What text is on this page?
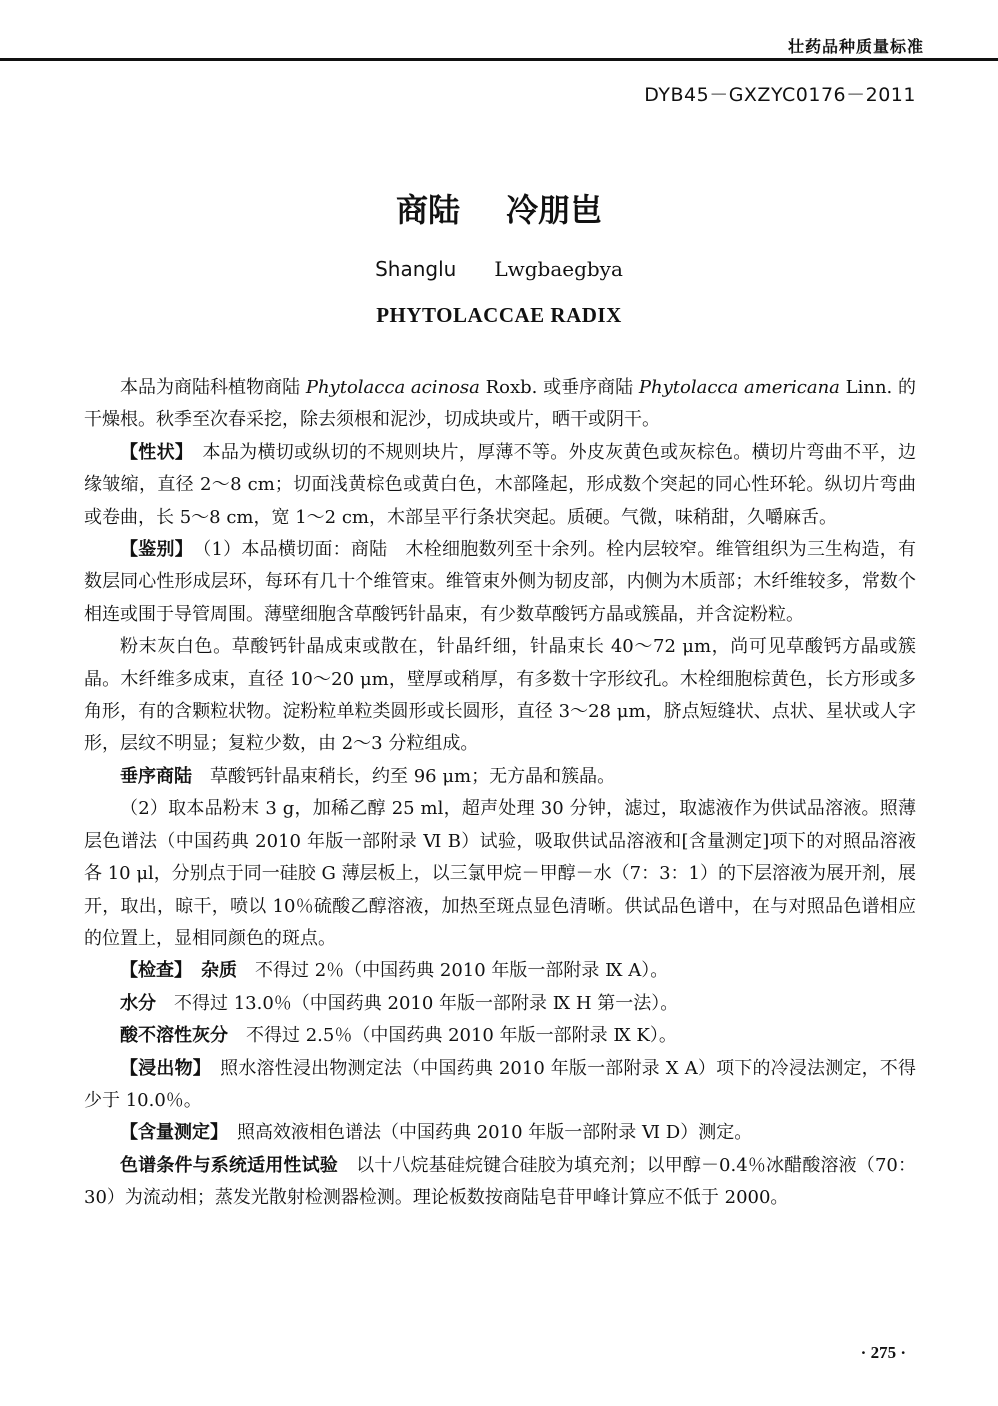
壮药品种质量标准
DYB45－GXZYC0176－2011
商陆 冷朋岜
Shanglu Lwgbaegbya
PHYTOLACCAE RADIX

本品为商陆科植物商陆 Phytolacca acinosa Roxb. 或垂序商陆 Phytolacca americana Linn. 的干燥根。秋季至次春采挖，除去须根和泥沙，切成块或片，晒干或阴干。

【性状】　 本品为横切或纵切的不规则块片，厚薄不等。外皮灰黄色或灰棕色。横切片弯曲不平，边缘皱缩，直径 2～8 cm；切面浅黄棕色或黄白色，木部隆起，形成数个突起的同心性环轮。纵切片弯曲或卷曲，长 5～8 cm，宽 1～2 cm，木部呈平行条状突起。质硬。气微，味稍甜，久嚼麻舌。

【鉴别】　 （1）本品横切面：商陆　木栓细胞数列至十余列。栓内层较窄。维管组织为三生构造，有数层同心性形成层环，每环有几十个维管束。维管束外侧为韧皮部，内侧为木质部；木纤维较多，常数个相连或围于导管周围。薄壁细胞含草酸钙针晶束，有少数草酸钙方晶或簇晶，并含淀粉粒。

粉末灰白色。草酸钙针晶成束或散在，针晶纤细，针晶束长 40～72 μm，尚可见草酸钙方晶或簇晶。木纤维多成束，直径 10～20 μm，壁厚或稍厚，有多数十字形纹孔。木栓细胞棕黄色，长方形或多角形，有的含颗粒状物。淀粉粒单粒类圆形或长圆形，直径 3～28 μm，脐点短缝状、点状、星状或人字形，层纹不明显；复粒少数，由 2～3 分粒组成。

垂序商陆　草酸钙针晶束稍长，约至 96 μm；无方晶和簇晶。

（2）取本品粉末 3 g，加稀乙醇 25 ml，超声处理 30 分钟，滤过，取滤液作为供试品溶液。照薄层色谱法（中国药典 2010 年版一部附录 Ⅵ B）试验，吸取供试品溶液和[含量测定]项下的对照品溶液各 10 μl，分别点于同一硅胶 G 薄层板上，以三氯甲烷－甲醇－水（7：3：1）的下层溶液为展开剂，展开，取出，晾干，喷以 10％硫酸乙醇溶液，加热至斑点显色清晰。供试品色谱中，在与对照品色谱相应的位置上，显相同颜色的斑点。

【检查】　 杂质　不得过 2％（中国药典 2010 年版一部附录 Ⅸ A）。

水分　不得过 13.0％（中国药典 2010 年版一部附录 Ⅸ H 第一法）。

酸不溶性灰分　不得过 2.5％（中国药典 2010 年版一部附录 Ⅸ K）。

【浸出物】　 照水溶性浸出物测定法（中国药典 2010 年版一部附录 Ⅹ A）项下的冷浸法测定，不得少于 10.0％。

【含量测定】　 照高效液相色谱法（中国药典 2010 年版一部附录 Ⅵ D）测定。

色谱条件与系统适用性试验　以十八烷基硅烷键合硅胶为填充剂；以甲醇－0.4％冰醋酸溶液（70：30）为流动相；蒸发光散射检测器检测。理论板数按商陆皂苷甲峰计算应不低于 2000。

· 275 ·
